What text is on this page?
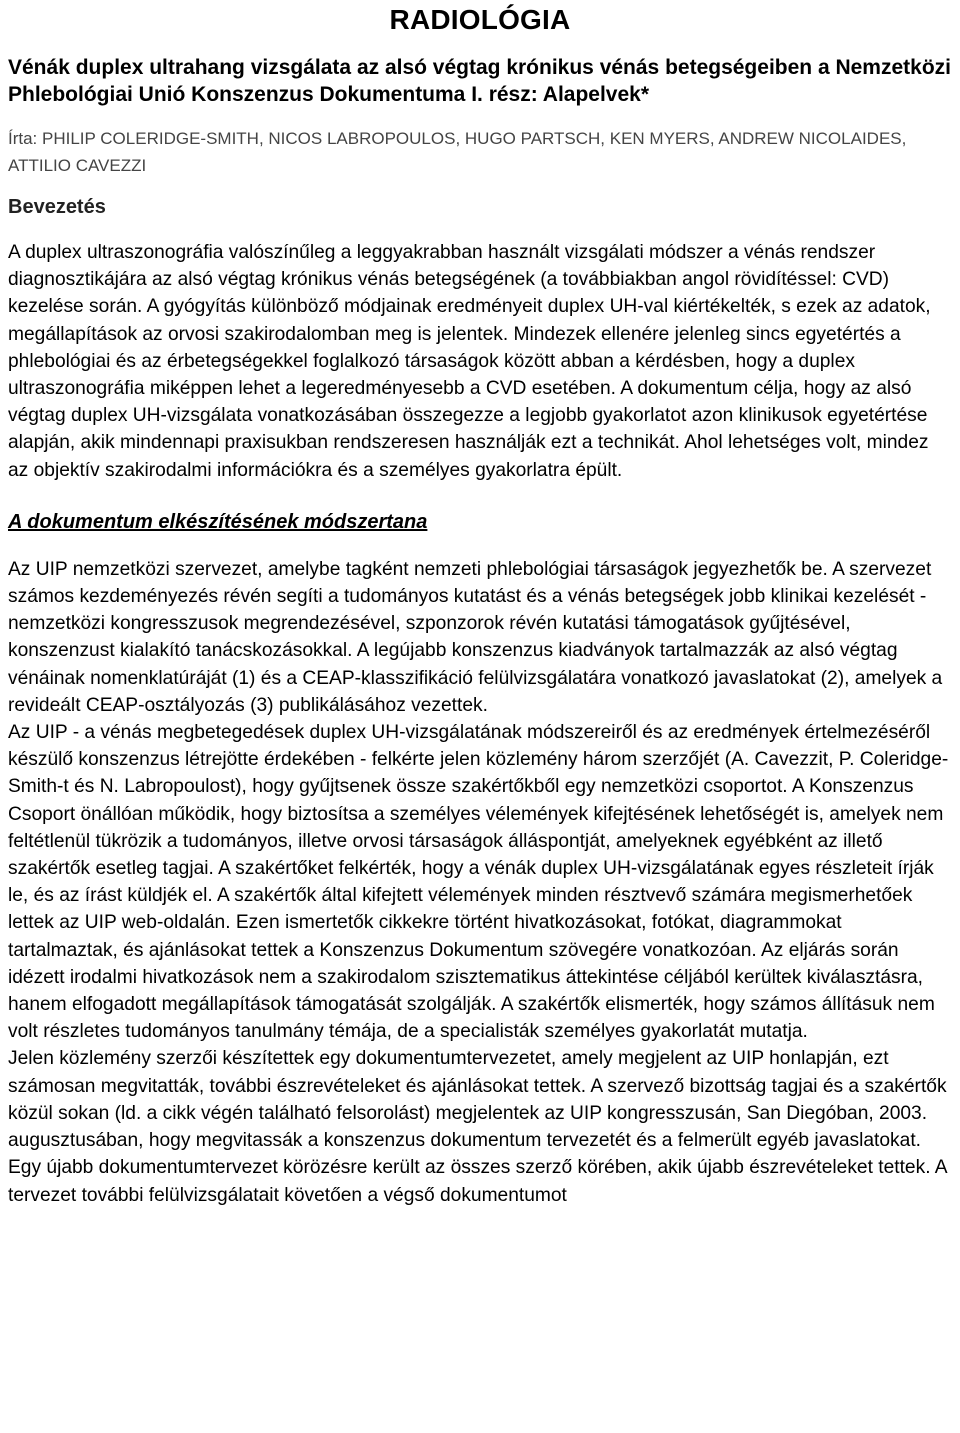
RADIOLÓGIA
Vénák duplex ultrahang vizsgálata az alsó végtag krónikus vénás betegségeiben a Nemzetközi Phlebológiai Unió Konszenzus Dokumentuma I. rész: Alapelvek*
Írta: PHILIP COLERIDGE-SMITH, NICOS LABROPOULOS, HUGO PARTSCH, KEN MYERS, ANDREW NICOLAIDES, ATTILIO CAVEZZI
Bevezetés

A duplex ultraszonográfia valószínűleg a leggyakrabban használt vizsgálati módszer a vénás rendszer diagnosztikájára az alsó végtag krónikus vénás betegségének (a továbbiakban angol rövidítéssel: CVD) kezelése során. A gyógyítás különböző módjainak eredményeit duplex UH-val kiértékelték, s ezek az adatok, megállapítások az orvosi szakirodalomban meg is jelentek. Mindezek ellenére jelenleg sincs egyetértés a phlebológiai és az érbetegségekkel foglalkozó társaságok között abban a kérdésben, hogy a duplex ultraszonográfia miképpen lehet a legeredményesebb a CVD esetében. A dokumentum célja, hogy az alsó végtag duplex UH-vizsgálata vonatkozásában összegezze a legjobb gyakorlatot azon klinikusok egyetértése alapján, akik mindennapi praxisukban rendszeresen használják ezt a technikát. Ahol lehetséges volt, mindez az objektív szakirodalmi információkra és a személyes gyakorlatra épült.

A dokumentum elkészítésének módszertana

Az UIP nemzetközi szervezet, amelybe tagként nemzeti phlebológiai társaságok jegyezhetők be. A szervezet számos kezdeményezés révén segíti a tudományos kutatást és a vénás betegségek jobb klinikai kezelését - nemzetközi kongresszusok megrendezésével, szponzorok révén kutatási támogatások gyűjtésével, konszenzust kialakító tanácskozásokkal. A legújabb konszenzus kiadványok tartalmazzák az alsó végtag vénáinak nomenklatúráját (1) és a CEAP-klasszifikáció felülvizsgálatára vonatkozó javaslatokat (2), amelyek a revideált CEAP-osztályozás (3) publikálásához vezettek.

Az UIP - a vénás megbetegedések duplex UH-vizsgálatának módszereiről és az eredmények értelmezéséről készülő konszenzus létrejötte érdekében - felkérte jelen közlemény három szerzőjét (A. Cavezzit, P. Coleridge-Smith-t és N. Labropoulost), hogy gyűjtsenek össze szakértőkből egy nemzetközi csoportot. A Konszenzus Csoport önállóan működik, hogy biztosítsa a személyes vélemények kifejtésének lehetőségét is, amelyek nem feltétlenül tükrözik a tudományos, illetve orvosi társaságok álláspontját, amelyeknek egyébként az illető szakértők esetleg tagjai. A szakértőket felkérték, hogy a vénák duplex UH-vizsgálatának egyes részleteit írják le, és az írást küldjék el. A szakértők által kifejtett vélemények minden résztvevő számára megismerhetőek lettek az UIP web-oldalán. Ezen ismertetők cikkekre történt hivatkozásokat, fotókat, diagrammokat tartalmaztak, és ajánlásokat tettek a Konszenzus Dokumentum szövegére vonatkozóan. Az eljárás során idézett irodalmi hivatkozások nem a szakirodalom szisztematikus áttekintése céljából kerültek kiválasztásra, hanem elfogadott megállapítások támogatását szolgálják. A szakértők elismerték, hogy számos állításuk nem volt részletes tudományos tanulmány témája, de a specialisták személyes gyakorlatát mutatja.

Jelen közlemény szerzői készítettek egy dokumentumtervezetet, amely megjelent az UIP honlapján, ezt számosan megvitatták, további észrevételeket és ajánlásokat tettek. A szervező bizottság tagjai és a szakértők közül sokan (ld. a cikk végén található felsorolást) megjelentek az UIP kongresszusán, San Diegóban, 2003. augusztusában, hogy megvitassák a konszenzus dokumentum tervezetét és a felmerült egyéb javaslatokat. Egy újabb dokumentumtervezet körözésre került az összes szerző körében, akik újabb észrevételeket tettek. A tervezet további felülvizsgálatait követően a végső dokumentumot
